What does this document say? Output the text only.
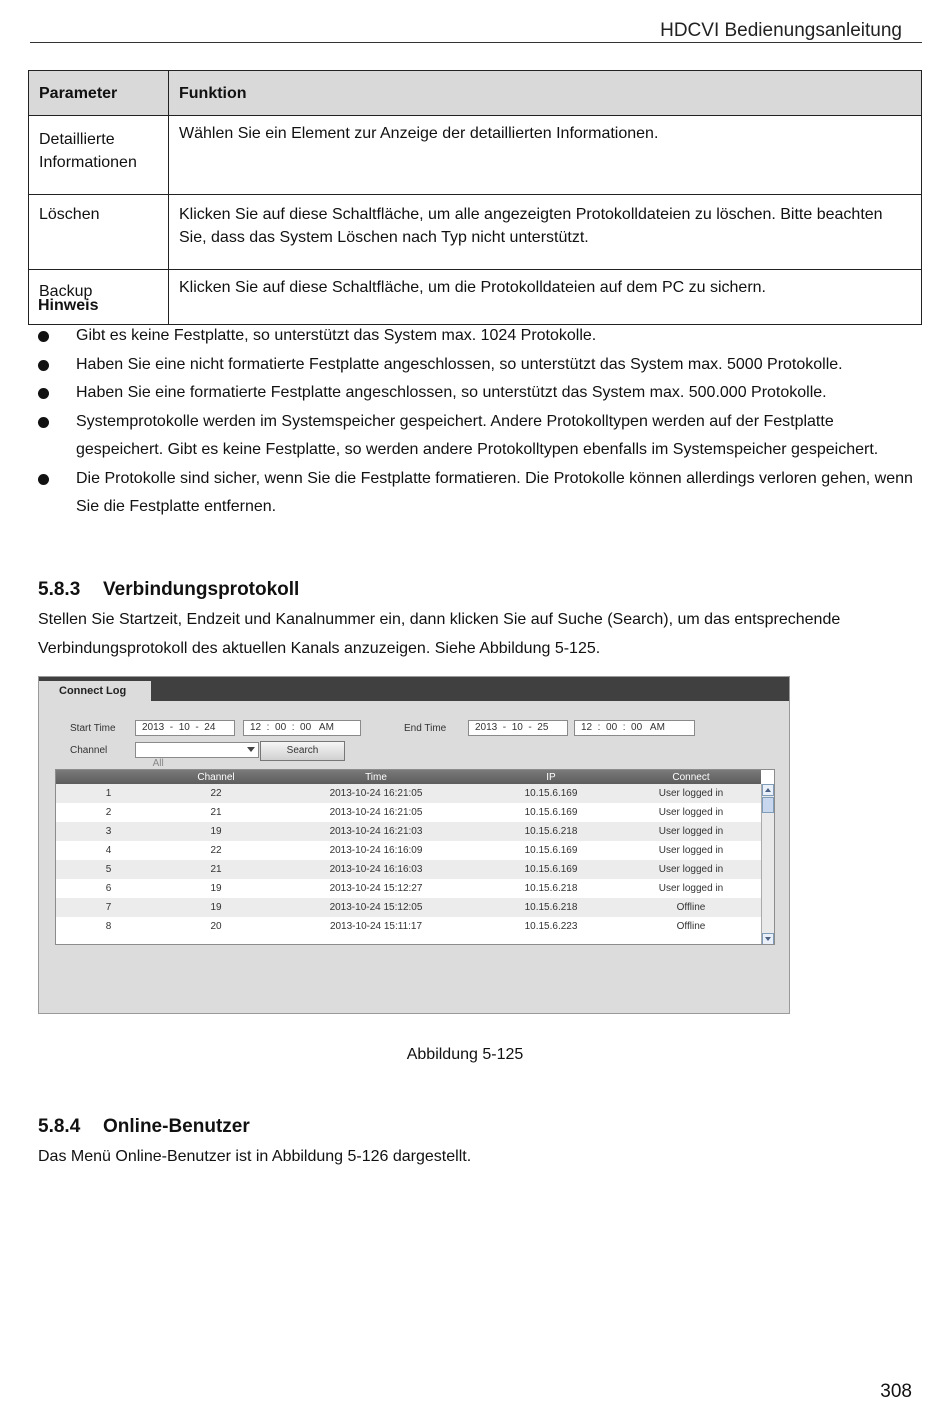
HDCVI Bedienungsanleitung
Parameter	Funktion
Detaillierte Informationen	Wählen Sie ein Element zur Anzeige der detaillierten Informationen.
Löschen	Klicken Sie auf diese Schaltfläche, um alle angezeigten Protokolldateien zu löschen. Bitte beachten Sie, dass das System Löschen nach Typ nicht unterstützt.
Backup	Klicken Sie auf diese Schaltfläche, um die Protokolldateien auf dem PC zu sichern.
Hinweis
Gibt es keine Festplatte, so unterstützt das System max. 1024 Protokolle.
Haben Sie eine nicht formatierte Festplatte angeschlossen, so unterstützt das System max. 5000 Protokolle.
Haben Sie eine formatierte Festplatte angeschlossen, so unterstützt das System max. 500.000 Protokolle.
Systemprotokolle werden im Systemspeicher gespeichert. Andere Protokolltypen werden auf der Festplatte gespeichert. Gibt es keine Festplatte, so werden andere Protokolltypen ebenfalls im Systemspeicher gespeichert.
Die Protokolle sind sicher, wenn Sie die Festplatte formatieren. Die Protokolle können allerdings verloren gehen, wenn Sie die Festplatte entfernen.
5.8.3 Verbindungsprotokoll
Stellen Sie Startzeit, Endzeit und Kanalnummer ein, dann klicken Sie auf Suche (Search), um das entsprechende Verbindungsprotokoll des aktuellen Kanals anzuzeigen. Siehe Abbildung 5-125.
Connect Log
Start Time	2013  -  10  -  24	12  :  00  :  00   AM	End Time	2013  -  10  -  25	12  :  00  :  00   AM
Channel

All

Search
	Channel	Time	IP	Connect
1	22	2013-10-24 16:21:05	10.15.6.169	User logged in
2	21	2013-10-24 16:21:05	10.15.6.169	User logged in
3	19	2013-10-24 16:21:03	10.15.6.218	User logged in
4	22	2013-10-24 16:16:09	10.15.6.169	User logged in
5	21	2013-10-24 16:16:03	10.15.6.169	User logged in
6	19	2013-10-24 15:12:27	10.15.6.218	User logged in
7	19	2013-10-24 15:12:05	10.15.6.218	Offline
8	20	2013-10-24 15:11:17	10.15.6.223	Offline
Abbildung 5-125
5.8.4 Online-Benutzer
Das Menü Online-Benutzer ist in Abbildung 5-126 dargestellt.
308
